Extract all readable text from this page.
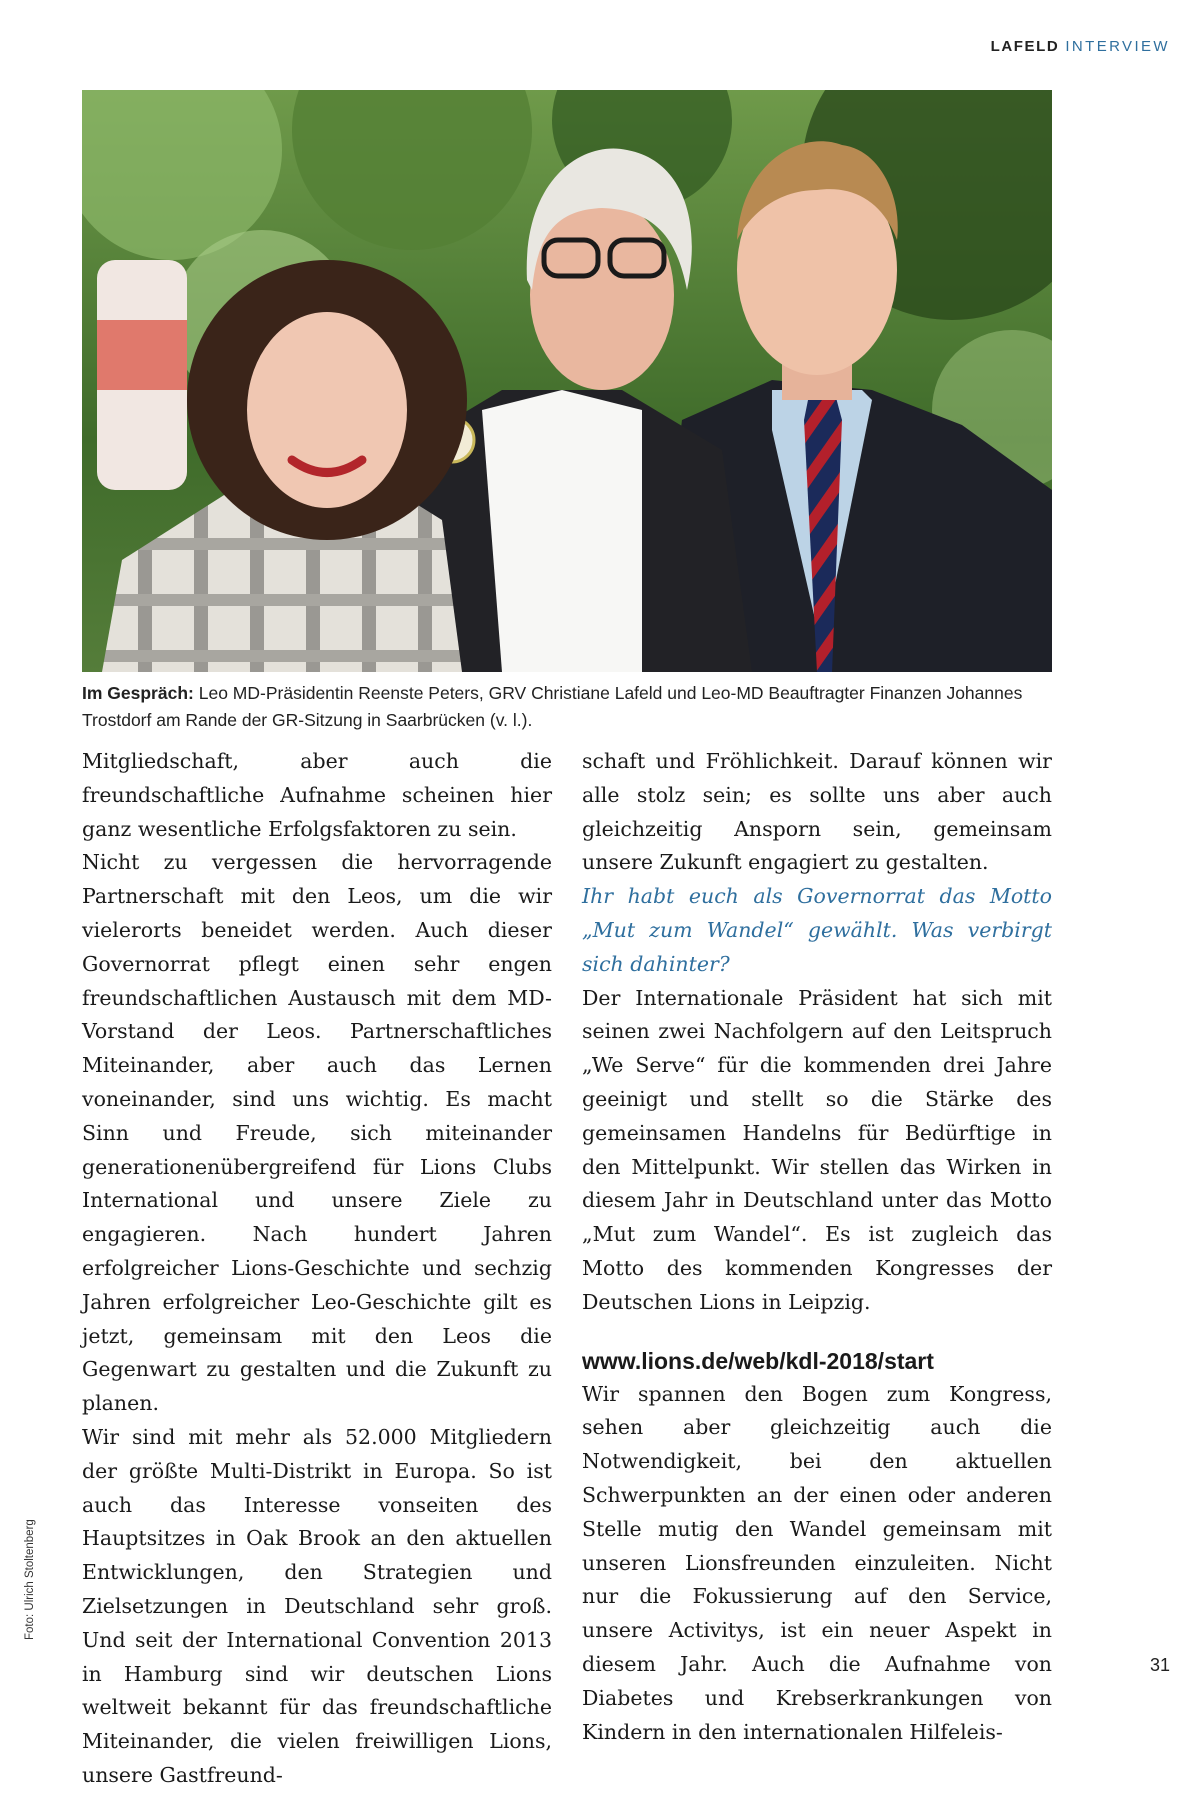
LAFELD INTERVIEW
Im Gespräch: Leo MD-Präsidentin Reenste Peters, GRV Christiane Lafeld und Leo-MD Beauftragter Finanzen Johannes Trostdorf am Rande der GR-Sitzung in Saarbrücken (v. l.).

Mitgliedschaft, aber auch die freundschaftliche Aufnahme scheinen hier ganz wesentliche Erfolgsfaktoren zu sein.

Nicht zu vergessen die hervorragende Partnerschaft mit den Leos, um die wir vielerorts beneidet werden. Auch dieser Governorrat pflegt einen sehr engen freundschaftlichen Austausch mit dem MD-Vorstand der Leos. Partnerschaftliches Miteinander, aber auch das Lernen voneinander, sind uns wichtig. Es macht Sinn und Freude, sich miteinander generationenübergreifend für Lions Clubs International und unsere Ziele zu engagieren. Nach hundert Jahren erfolgreicher Lions-Geschichte und sechzig Jahren erfolgreicher Leo-Geschichte gilt es jetzt, gemeinsam mit den Leos die Gegenwart zu gestalten und die Zukunft zu planen.

Wir sind mit mehr als 52.000 Mitgliedern der größte Multi-Distrikt in Europa. So ist auch das Interesse vonseiten des Hauptsitzes in Oak Brook an den aktuellen Entwicklungen, den Strategien und Zielsetzungen in Deutschland sehr groß. Und seit der International Convention 2013 in Hamburg sind wir deutschen Lions weltweit bekannt für das freundschaftliche Miteinander, die vielen freiwilligen Lions, unsere Gastfreund-

schaft und Fröhlichkeit. Darauf können wir alle stolz sein; es sollte uns aber auch gleichzeitig Ansporn sein, gemeinsam unsere Zukunft engagiert zu gestalten.

Ihr habt euch als Governorrat das Motto „Mut zum Wandel“ gewählt. Was verbirgt sich dahinter?

Der Internationale Präsident hat sich mit seinen zwei Nachfolgern auf den Leitspruch „We Serve“ für die kommenden drei Jahre geeinigt und stellt so die Stärke des gemeinsamen Handelns für Bedürftige in den Mittelpunkt. Wir stellen das Wirken in diesem Jahr in Deutschland unter das Motto „Mut zum Wandel“. Es ist zugleich das Motto des kommenden Kongresses der Deutschen Lions in Leipzig.

www.lions.de/web/kdl-2018/start

Wir spannen den Bogen zum Kongress, sehen aber gleichzeitig auch die Notwendigkeit, bei den aktuellen Schwerpunkten an der einen oder anderen Stelle mutig den Wandel gemeinsam mit unseren Lionsfreunden einzuleiten. Nicht nur die Fokussierung auf den Service, unsere Activitys, ist ein neuer Aspekt in diesem Jahr. Auch die Aufnahme von Diabetes und Krebserkrankungen von Kindern in den internationalen Hilfeleis-

Foto: Ulrich Stoltenberg
31
